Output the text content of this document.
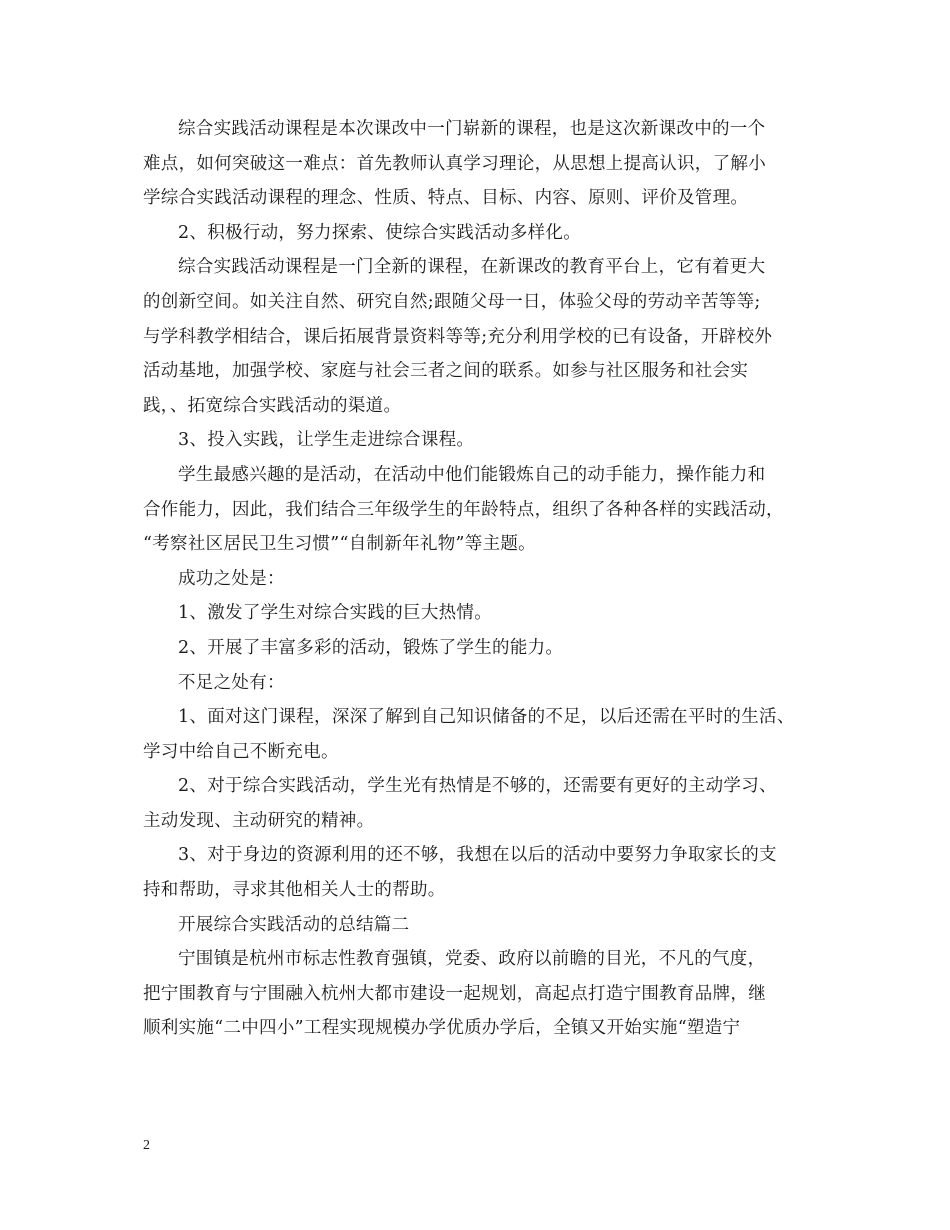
综合实践活动课程是本次课改中一门崭新的课程，也是这次新课改中的一个
难点，如何突破这一难点：首先教师认真学习理论，从思想上提高认识，了解小
学综合实践活动课程的理念、性质、特点、目标、内容、原则、评价及管理。
2、积极行动，努力探索、使综合实践活动多样化。
综合实践活动课程是一门全新的课程，在新课改的教育平台上，它有着更大
的创新空间。如关注自然、研究自然;跟随父母一日，体验父母的劳动辛苦等等;
与学科教学相结合，课后拓展背景资料等等;充分利用学校的已有设备，开辟校外
活动基地，加强学校、家庭与社会三者之间的联系。如参与社区服务和社会实
践，、拓宽综合实践活动的渠道。
3、投入实践，让学生走进综合课程。
学生最感兴趣的是活动，在活动中他们能锻炼自己的动手能力，操作能力和
合作能力，因此，我们结合三年级学生的年龄特点，组织了各种各样的实践活动，
“考察社区居民卫生习惯”“自制新年礼物”等主题。
成功之处是：
1、激发了学生对综合实践的巨大热情。
2、开展了丰富多彩的活动，锻炼了学生的能力。
不足之处有：
1、面对这门课程，深深了解到自己知识储备的不足，以后还需在平时的生活、
学习中给自己不断充电。
2、对于综合实践活动，学生光有热情是不够的，还需要有更好的主动学习、
主动发现、主动研究的精神。
3、对于身边的资源利用的还不够，我想在以后的活动中要努力争取家长的支
持和帮助，寻求其他相关人士的帮助。
开展综合实践活动的总结篇二
宁围镇是杭州市标志性教育强镇，党委、政府以前瞻的目光，不凡的气度，
把宁围教育与宁围融入杭州大都市建设一起规划，高起点打造宁围教育品牌，继
顺利实施“二中四小”工程实现规模办学优质办学后，全镇又开始实施“塑造宁
2
